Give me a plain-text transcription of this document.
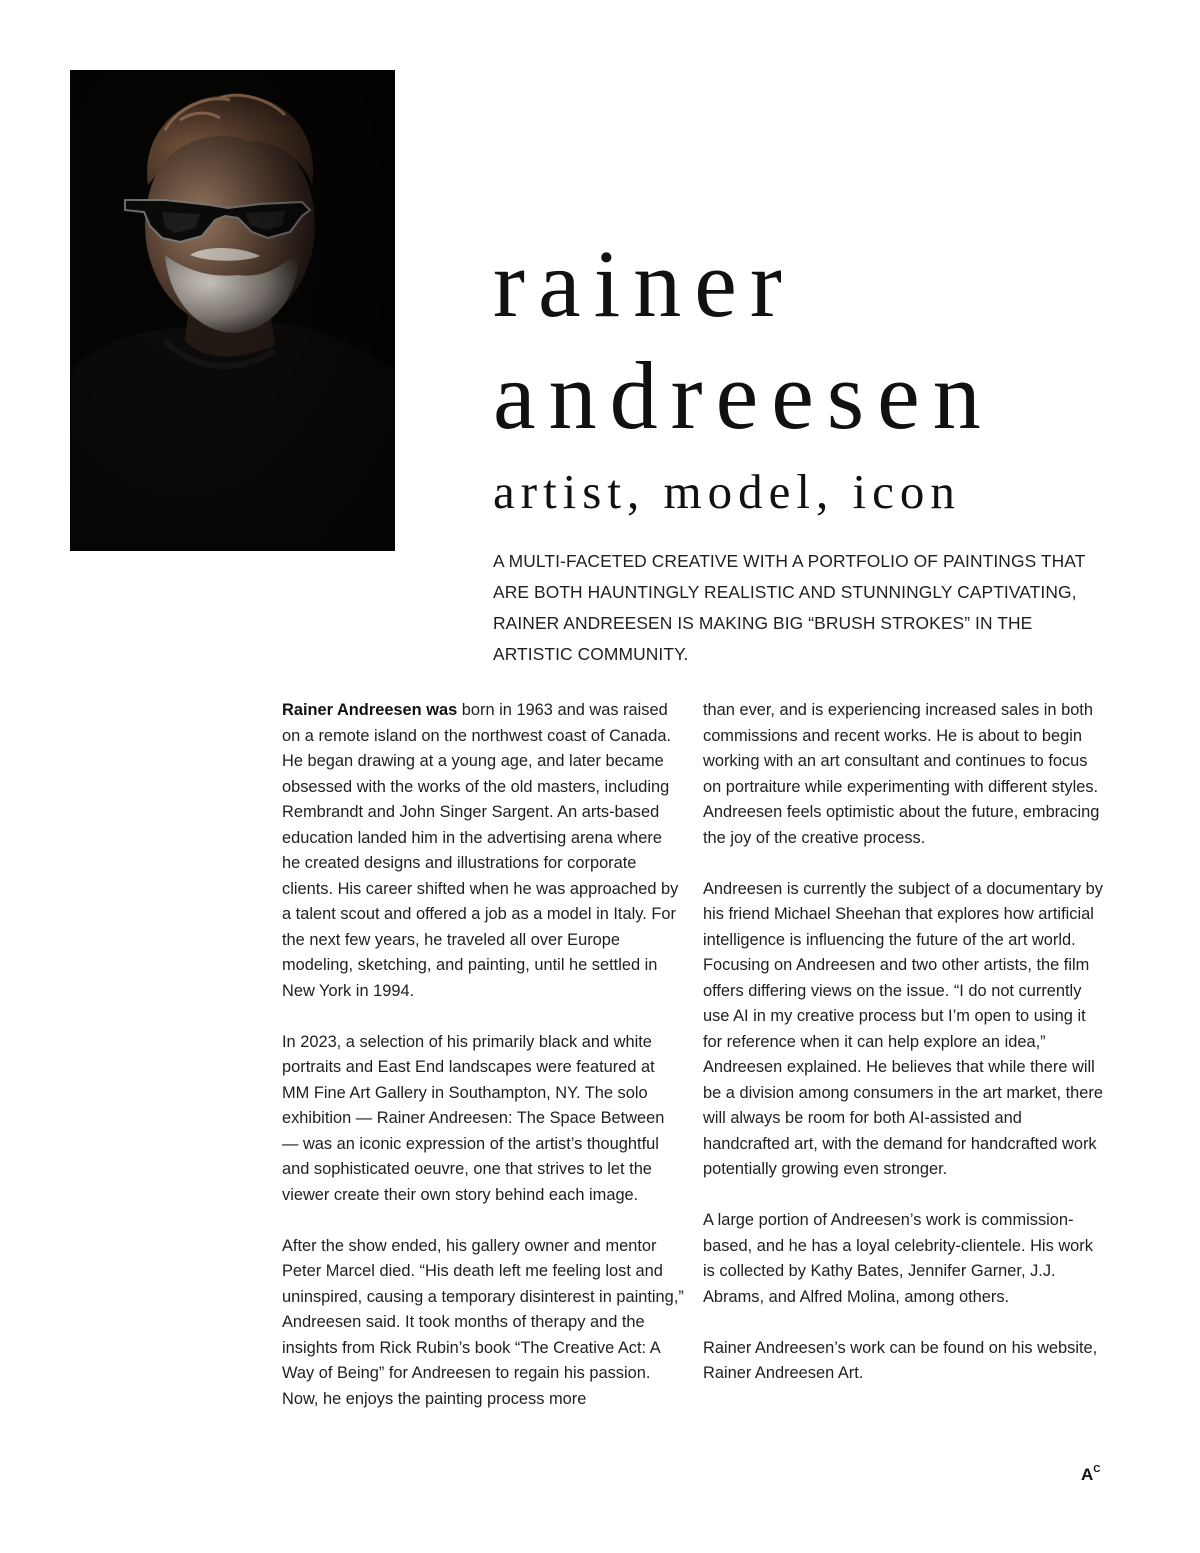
rainer
andreesen
artist, model, icon

A MULTI-FACETED CREATIVE WITH A PORTFOLIO OF PAINTINGS THAT ARE BOTH HAUNTINGLY REALISTIC AND STUNNINGLY CAPTIVATING, RAINER ANDREESEN IS MAKING BIG “BRUSH STROKES” IN THE ARTISTIC COMMUNITY.

Rainer Andreesen was born in 1963 and was raised on a remote island on the northwest coast of Canada. He began drawing at a young age, and later became obsessed with the works of the old masters, including Rembrandt and John Singer Sargent. An arts-based education landed him in the advertising arena where he created designs and illustrations for corporate clients. His career shifted when he was approached by a talent scout and offered a job as a model in Italy. For the next few years, he traveled all over Europe modeling, sketching, and painting, until he settled in New York in 1994.

In 2023, a selection of his primarily black and white portraits and East End landscapes were featured at MM Fine Art Gallery in Southampton, NY. The solo exhibition — Rainer Andreesen: The Space Between — was an iconic expression of the artist’s thoughtful and sophisticated oeuvre, one that strives to let the viewer create their own story behind each image.

After the show ended, his gallery owner and mentor Peter Marcel died. “His death left me feeling lost and uninspired, causing a temporary disinterest in painting,” Andreesen said. It took months of therapy and the insights from Rick Rubin’s book “The Creative Act: A Way of Being” for Andreesen to regain his passion. Now, he enjoys the painting process more

than ever, and is experiencing increased sales in both commissions and recent works. He is about to begin working with an art consultant and continues to focus on portraiture while experimenting with different styles. Andreesen feels optimistic about the future, embracing the joy of the creative process.

Andreesen is currently the subject of a documentary by his friend Michael Sheehan that explores how artificial intelligence is influencing the future of the art world. Focusing on Andreesen and two other artists, the film offers differing views on the issue. “I do not currently use AI in my creative process but I’m open to using it for reference when it can help explore an idea,” Andreesen explained. He believes that while there will be a division among consumers in the art market, there will always be room for both AI-assisted and handcrafted art, with the demand for handcrafted work potentially growing even stronger.

A large portion of Andreesen’s work is commission-based, and he has a loyal celebrity-clientele. His work is collected by Kathy Bates, Jennifer Garner, J.J. Abrams, and Alfred Molina, among others.

Rainer Andreesen’s work can be found on his website, Rainer Andreesen Art.

$A^C$
